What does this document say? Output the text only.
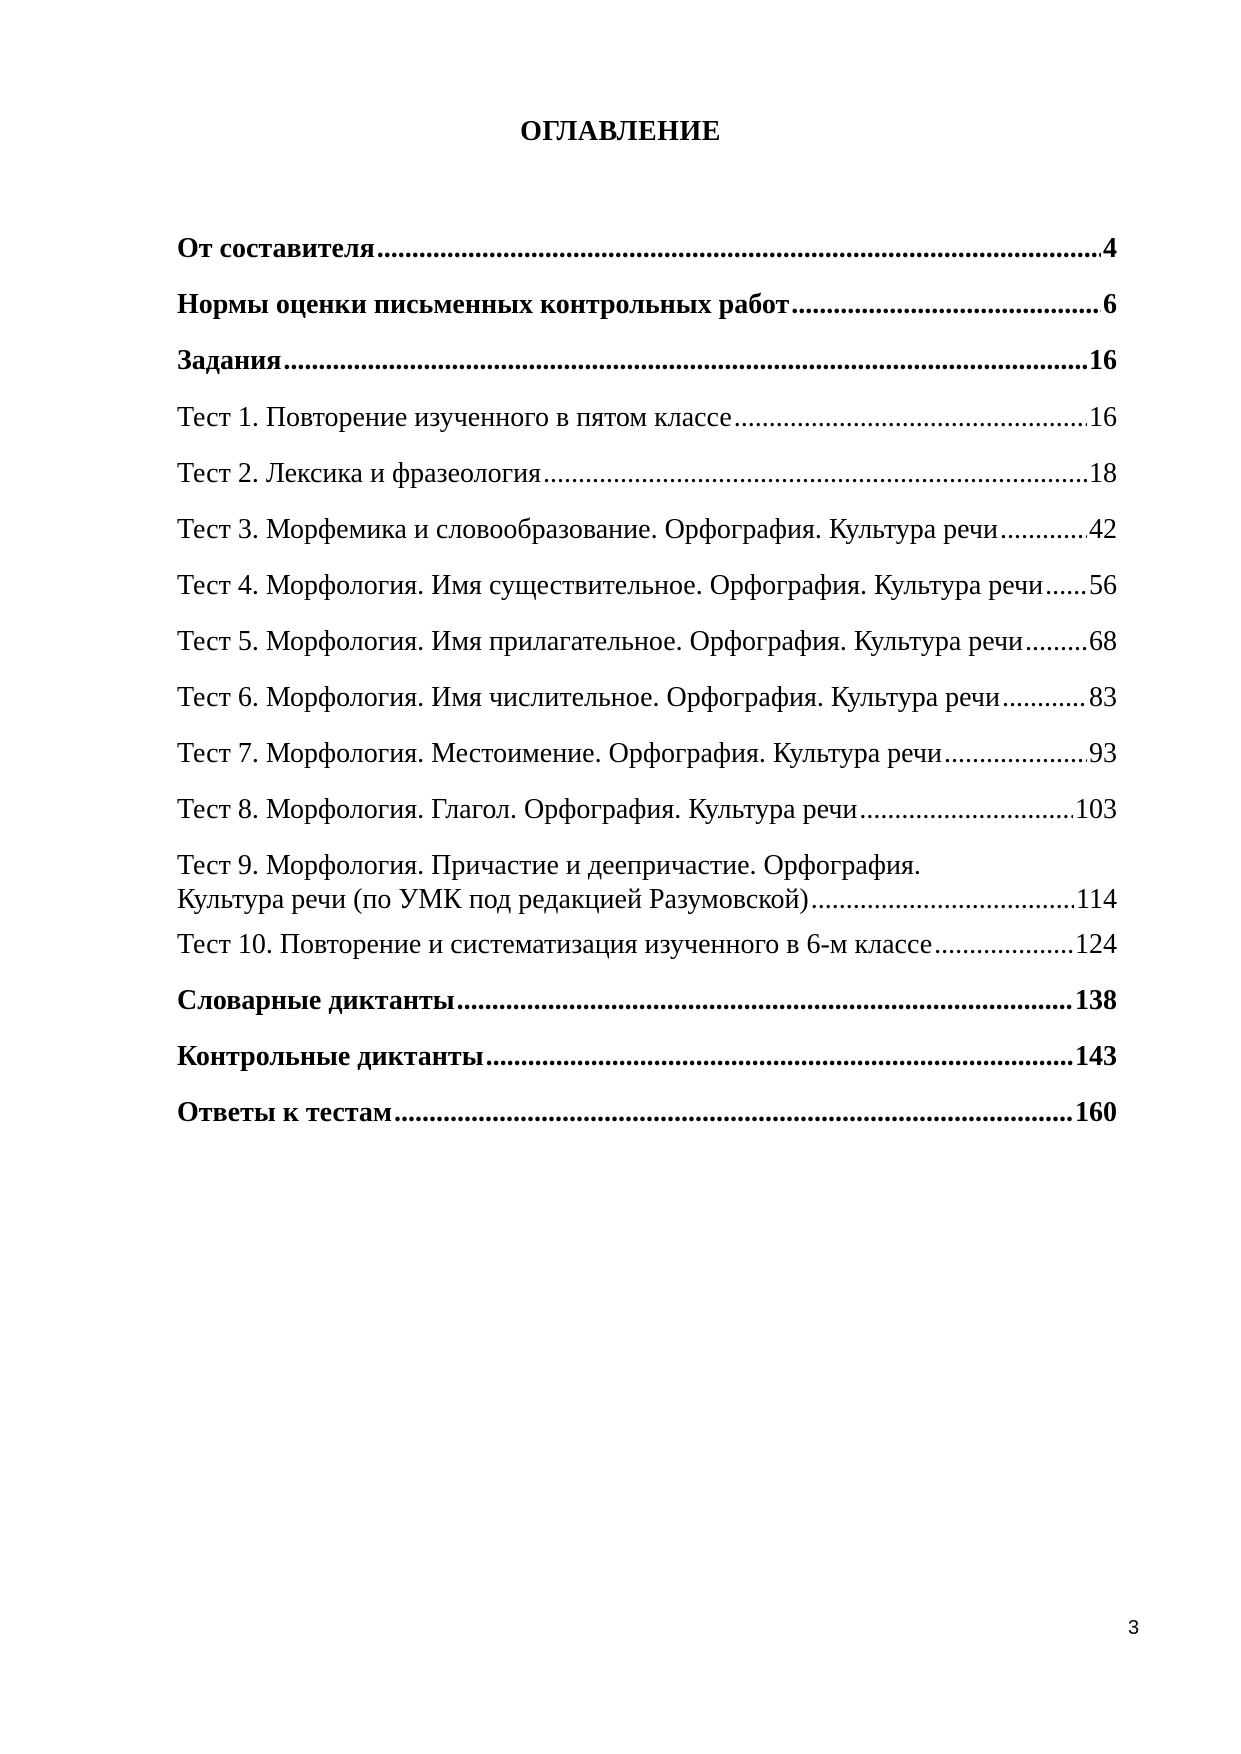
ОГЛАВЛЕНИЕ
От составителя .....	4
Нормы оценки письменных контрольных работ .....	6
Задания .....	16
Тест 1. Повторение изученного в пятом классе .....	16
Тест 2. Лексика и фразеология .....	18
Тест 3. Морфемика и словообразование. Орфография. Культура речи .....	42
Тест 4. Морфология. Имя существительное. Орфография. Культура речи ..... 56
Тест 5. Морфология. Имя прилагательное. Орфография. Культура речи ..... 68
Тест 6. Морфология. Имя числительное. Орфография. Культура речи .....	83
Тест 7. Морфология. Местоимение. Орфография. Культура речи .....	93
Тест 8. Морфология. Глагол. Орфография. Культура речи .....	103
Тест 9. Морфология. Причастие и деепричастие. Орфография.
Культура речи (по УМК под редакцией Разумовской) .....	114
Тест 10. Повторение и систематизация изученного в 6-м классе .....	124
Словарные диктанты .....	138
Контрольные диктанты .....	143
Ответы к тестам .....	160
3
